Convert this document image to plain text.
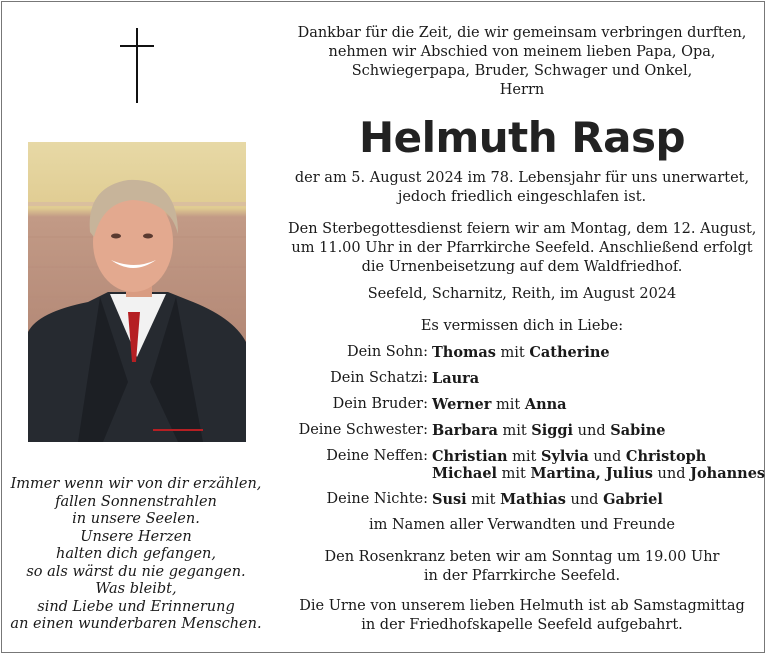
Immer wenn wir von dir erzählen,
fallen Sonnenstrahlen
in unsere Seelen.
Unsere Herzen
halten dich gefangen,
so als wärst du nie gegangen.
Was bleibt,
sind Liebe und Erinnerung
an einen wunderbaren Menschen.
Dankbar für die Zeit, die wir gemeinsam verbringen durften,
nehmen wir Abschied von meinem lieben Papa, Opa,
Schwiegerpapa, Bruder, Schwager und Onkel,
Herrn
Helmuth Rasp
der am 5. August 2024 im 78. Lebensjahr für uns unerwartet,
jedoch friedlich eingeschlafen ist.
Den Sterbegottesdienst feiern wir am Montag, dem 12. August,
um 11.00 Uhr in der Pfarrkirche Seefeld. Anschließend erfolgt
die Urnenbeisetzung auf dem Waldfriedhof.
Seefeld, Scharnitz, Reith, im August 2024
Es vermissen dich in Liebe:
Dein Sohn: Thomas mit Catherine
Dein Schatzi: Laura
Dein Bruder: Werner mit Anna
Deine Schwester: Barbara mit Siggi und Sabine
Deine Neffen: Christian mit Sylvia und Christoph
Michael mit Martina, Julius und Johannes
Deine Nichte: Susi mit Mathias und Gabriel
im Namen aller Verwandten und Freunde
Den Rosenkranz beten wir am Sonntag um 19.00 Uhr
in der Pfarrkirche Seefeld.
Die Urne von unserem lieben Helmuth ist ab Samstagmittag
in der Friedhofskapelle Seefeld aufgebahrt.
